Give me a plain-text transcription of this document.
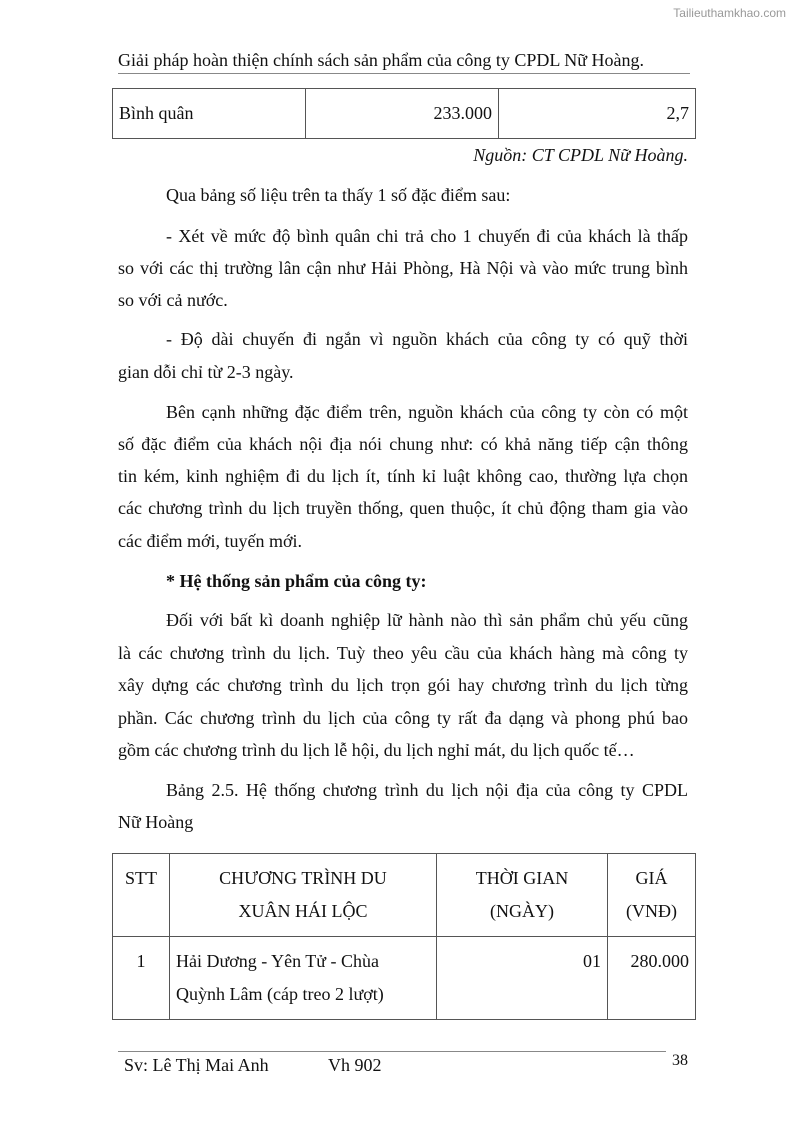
Tailieuthamkhao.com
Giải pháp hoàn thiện chính sách sản phẩm của công ty CPDL Nữ Hoàng.
Bình quân	233.000	2,7
Nguồn: CT CPDL Nữ Hoàng.
Qua bảng số liệu trên ta thấy 1 số đặc điểm sau:
- Xét về mức độ bình quân chi trả cho 1 chuyến đi của khách là thấp
so với các thị trường lân cận như Hải Phòng, Hà Nội và vào mức trung bình
so với cả nước.
- Độ dài chuyến đi ngắn vì nguồn khách của công ty có quỹ thời
gian dỗi chỉ từ 2-3 ngày.
Bên cạnh những đặc điểm trên, nguồn khách của công ty còn có một
số đặc điểm của khách nội địa nói chung như: có khả năng tiếp cận thông
tin kém, kinh nghiệm đi du lịch ít, tính kỉ luật không cao, thường lựa chọn
các chương trình du lịch truyền thống, quen thuộc, ít chủ động tham gia vào
các điểm mới, tuyến mới.
* Hệ thống sản phẩm của công ty:
Đối với bất kì doanh nghiệp lữ hành nào thì sản phẩm chủ yếu cũng
là các chương trình du lịch. Tuỳ theo yêu cầu của khách hàng mà công ty
xây dựng các chương trình du lịch trọn gói hay chương trình du lịch từng
phần. Các chương trình du lịch của công ty rất đa dạng và phong phú bao
gồm các chương trình du lịch lễ hội, du lịch nghỉ mát, du lịch quốc tế…
Bảng 2.5. Hệ thống chương trình du lịch nội địa của công ty CPDL
Nữ Hoàng
STT	CHƯƠNG TRÌNH DU XUÂN HÁI LỘC	THỜI GIAN (NGÀY)	GIÁ (VNĐ)
1	Hải Dương - Yên Tử - Chùa Quỳnh Lâm (cáp treo 2 lượt)	01	280.000
Sv: Lê Thị Mai Anh	Vh 902	38
